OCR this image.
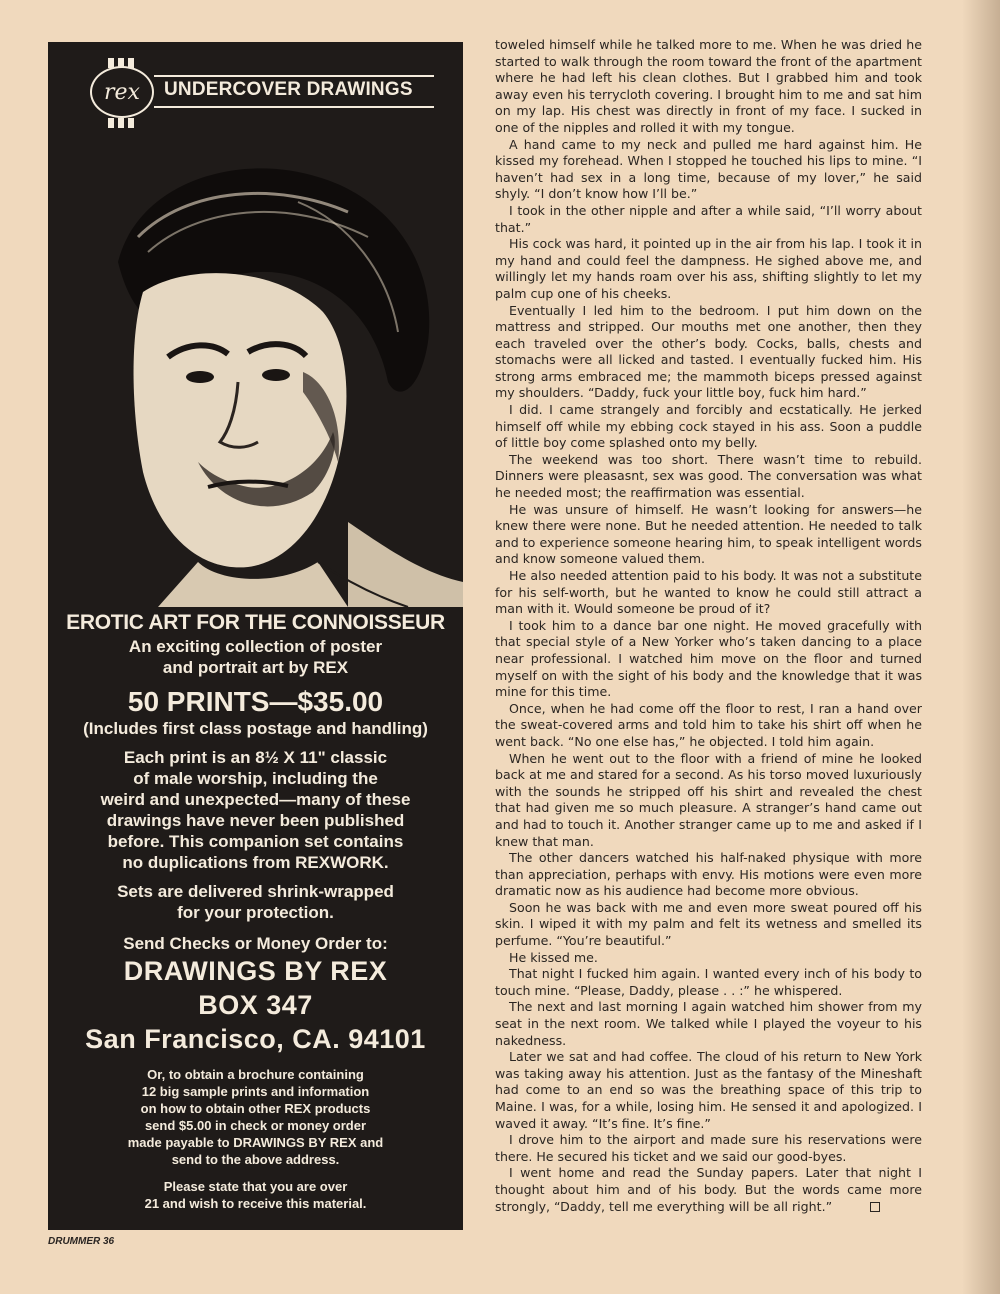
rex UNDERCOVER DRAWINGS
EROTIC ART FOR THE CONNOISSEUR
An exciting collection of poster
and portrait art by REX
50 PRINTS—$35.00
(Includes first class postage and handling)
Each print is an 8½ X 11" classic
of male worship, including the
weird and unexpected—many of these
drawings have never been published
before. This companion set contains
no duplications from REXWORK.
Sets are delivered shrink-wrapped
for your protection.
Send Checks or Money Order to:
DRAWINGS BY REX
BOX 347
San Francisco, CA. 94101
Or, to obtain a brochure containing
12 big sample prints and information
on how to obtain other REX products
send $5.00 in check or money order
made payable to DRAWINGS BY REX and
send to the above address.
Please state that you are over
21 and wish to receive this material.
DRUMMER 36

toweled himself while he talked more to me. When he was dried he started to walk through the room toward the front of the apartment where he had left his clean clothes. But I grabbed him and took away even his terrycloth covering. I brought him to me and sat him on my lap. His chest was directly in front of my face. I sucked in one of the nipples and rolled it with my tongue.

A hand came to my neck and pulled me hard against him. He kissed my forehead. When I stopped he touched his lips to mine. “I haven’t had sex in a long time, because of my lover,” he said shyly. “I don’t know how I’ll be.”

I took in the other nipple and after a while said, “I’ll worry about that.”

His cock was hard, it pointed up in the air from his lap. I took it in my hand and could feel the dampness. He sighed above me, and willingly let my hands roam over his ass, shifting slightly to let my palm cup one of his cheeks.

Eventually I led him to the bedroom. I put him down on the mattress and stripped. Our mouths met one another, then they each traveled over the other’s body. Cocks, balls, chests and stomachs were all licked and tasted. I eventually fucked him. His strong arms embraced me; the mammoth biceps pressed against my shoulders. “Daddy, fuck your little boy, fuck him hard.”

I did. I came strangely and forcibly and ecstatically. He jerked himself off while my ebbing cock stayed in his ass. Soon a puddle of little boy come splashed onto my belly.

The weekend was too short. There wasn’t time to rebuild. Dinners were pleasasnt, sex was good. The conversation was what he needed most; the reaffirmation was essential.

He was unsure of himself. He wasn’t looking for answers—he knew there were none. But he needed attention. He needed to talk and to experience someone hearing him, to speak intelligent words and know someone valued them.

He also needed attention paid to his body. It was not a substitute for his self-worth, but he wanted to know he could still attract a man with it. Would someone be proud of it?

I took him to a dance bar one night. He moved gracefully with that special style of a New Yorker who’s taken dancing to a place near professional. I watched him move on the floor and turned myself on with the sight of his body and the knowledge that it was mine for this time.

Once, when he had come off the floor to rest, I ran a hand over the sweat-covered arms and told him to take his shirt off when he went back. “No one else has,” he objected. I told him again.

When he went out to the floor with a friend of mine he looked back at me and stared for a second. As his torso moved luxuriously with the sounds he stripped off his shirt and revealed the chest that had given me so much pleasure. A stranger’s hand came out and had to touch it. Another stranger came up to me and asked if I knew that man.

The other dancers watched his half-naked physique with more than appreciation, perhaps with envy. His motions were even more dramatic now as his audience had become more obvious.

Soon he was back with me and even more sweat poured off his skin. I wiped it with my palm and felt its wetness and smelled its perfume. “You’re beautiful.”

He kissed me.

That night I fucked him again. I wanted every inch of his body to touch mine. “Please, Daddy, please . . :” he whispered.

The next and last morning I again watched him shower from my seat in the next room. We talked while I played the voyeur to his nakedness.

Later we sat and had coffee. The cloud of his return to New York was taking away his attention. Just as the fantasy of the Mineshaft had come to an end so was the breathing space of this trip to Maine. I was, for a while, losing him. He sensed it and apologized. I waved it away. “It’s fine. It’s fine.”

I drove him to the airport and made sure his reservations were there. He secured his ticket and we said our good-byes.

I went home and read the Sunday papers. Later that night I thought about him and of his body. But the words came more strongly, “Daddy, tell me everything will be all right.”
